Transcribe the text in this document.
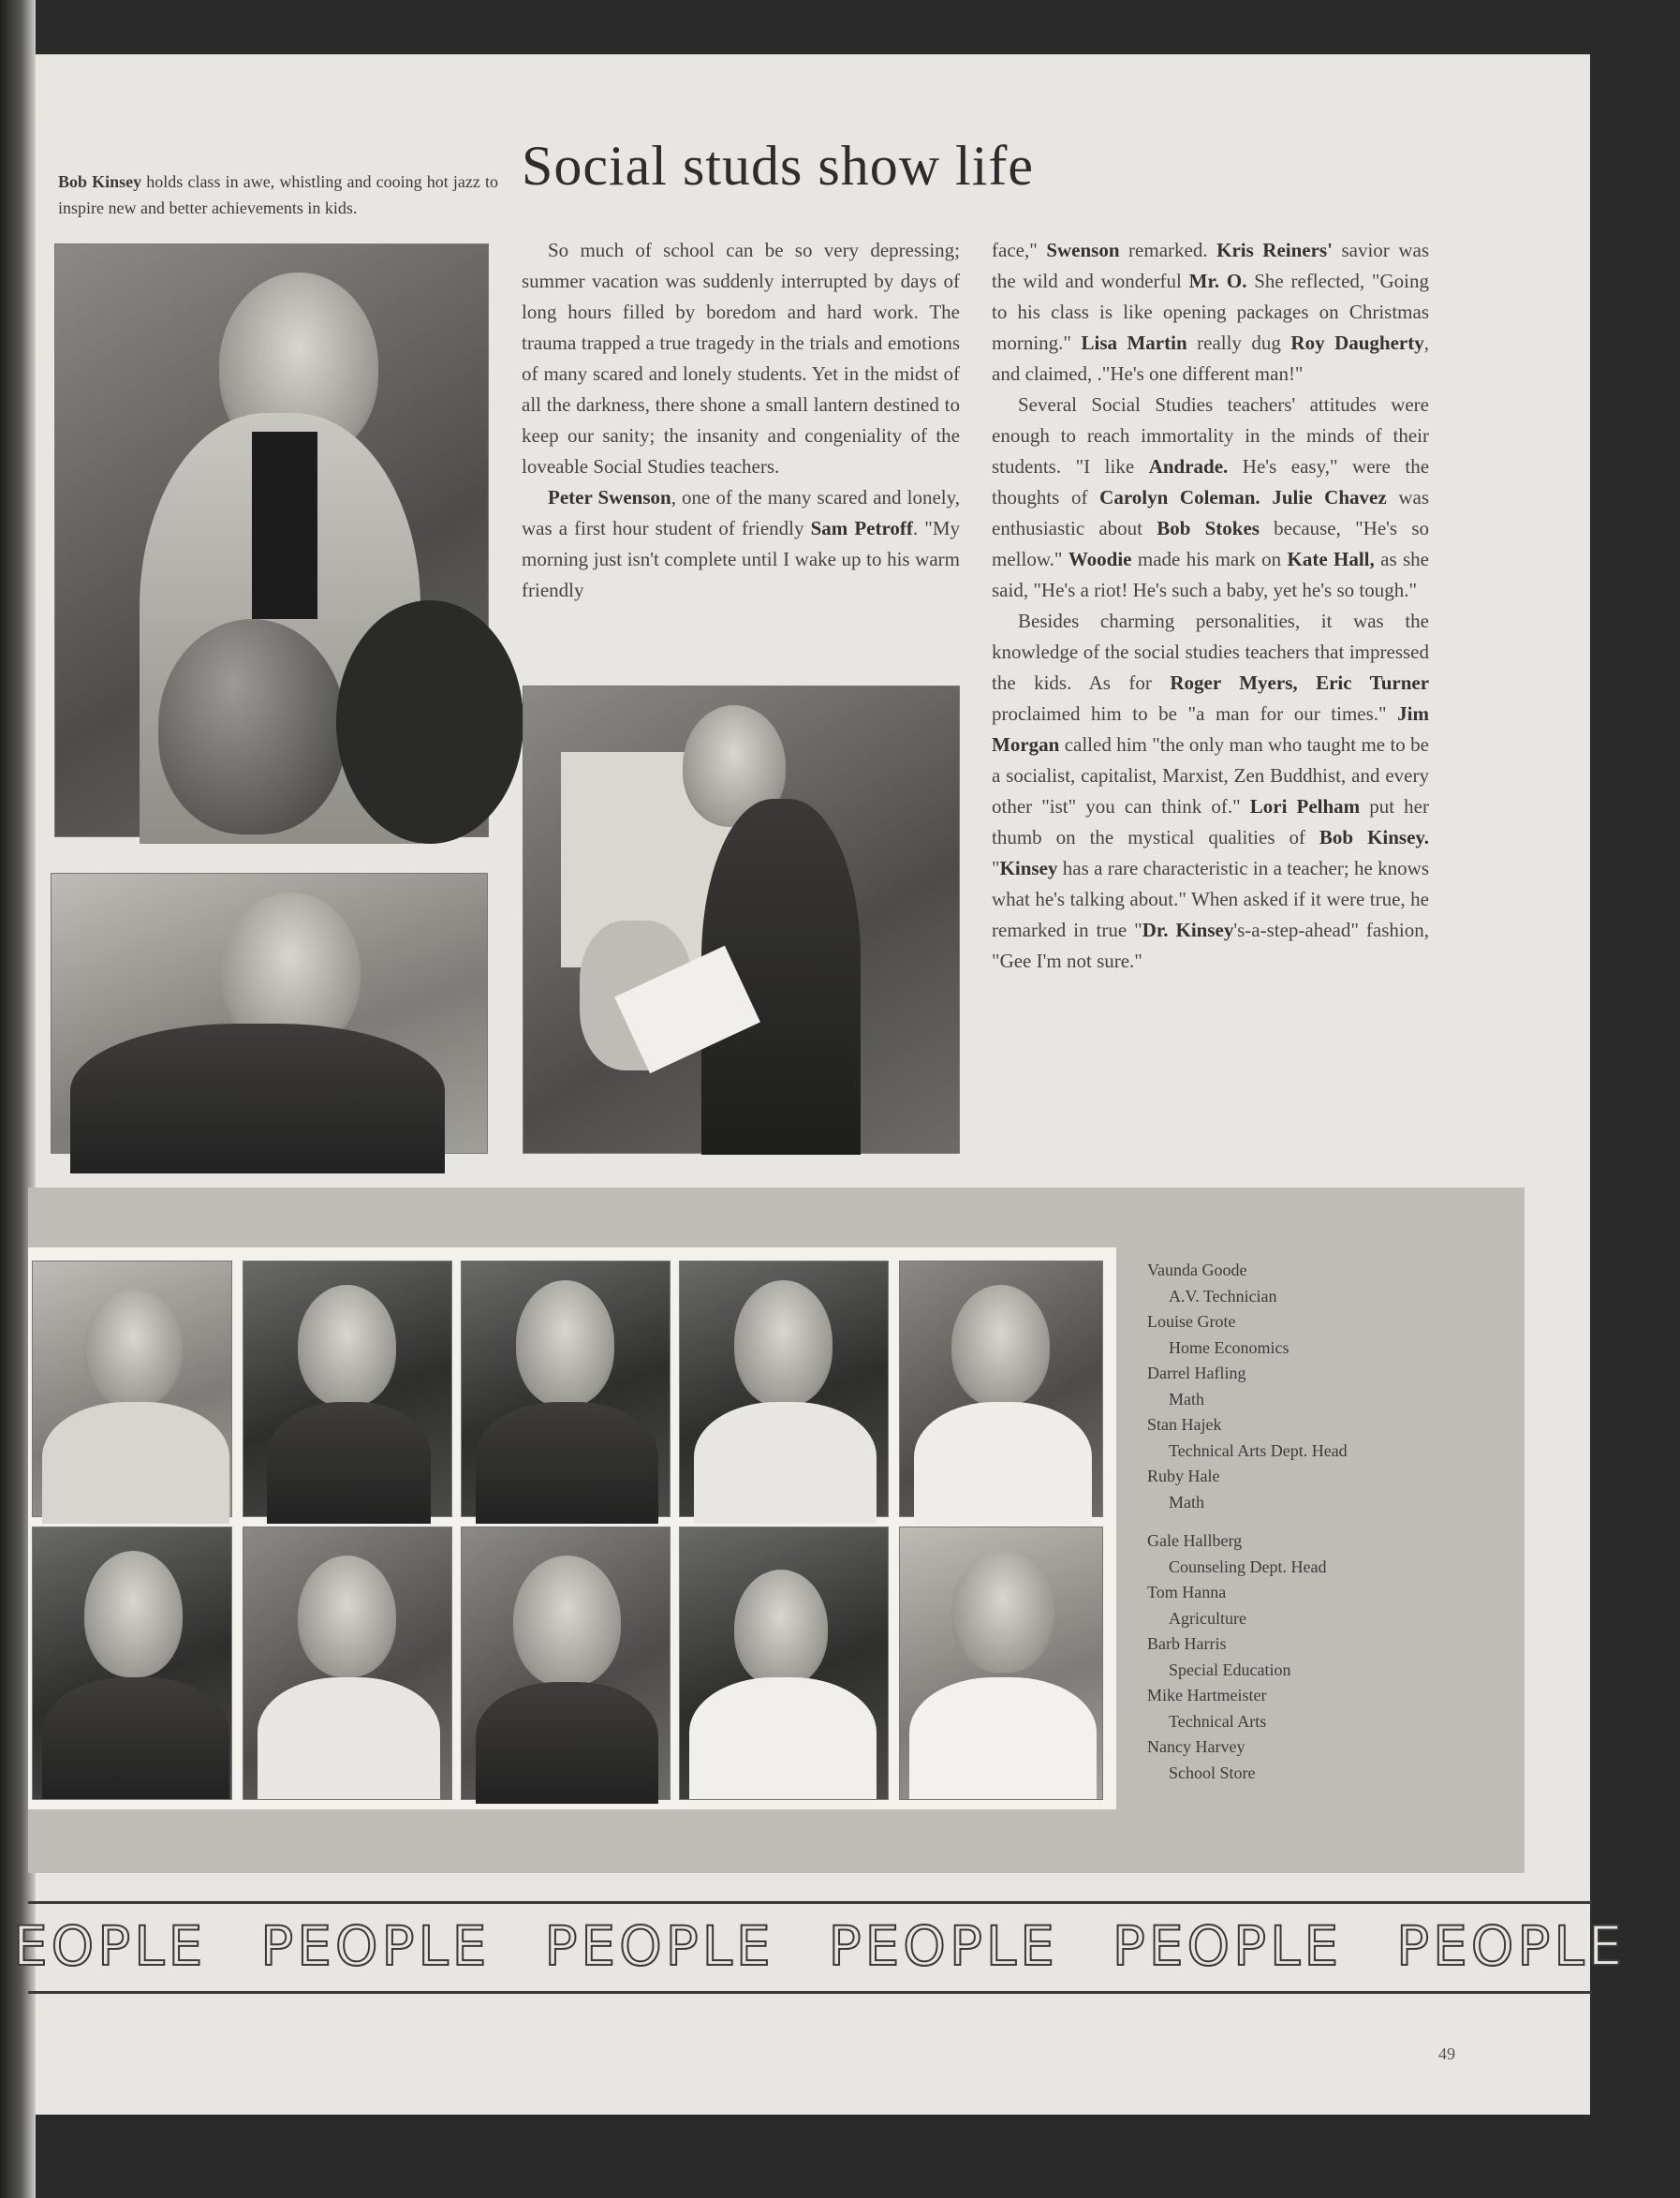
Bob Kinsey holds class in awe, whistling and cooing hot jazz to inspire new and better achievements in kids.
Social studs show life

So much of school can be so very depressing; summer vacation was suddenly interrupted by days of long hours filled by boredom and hard work. The trauma trapped a true tragedy in the trials and emotions of many scared and lonely students. Yet in the midst of all the darkness, there shone a small lantern destined to keep our sanity; the insanity and congeniality of the loveable Social Studies teachers.

Peter Swenson, one of the many scared and lonely, was a first hour student of friendly Sam Petroff. "My morning just isn't complete until I wake up to his warm friendly

face," Swenson remarked. Kris Reiners' savior was the wild and wonderful Mr. O. She reflected, "Going to his class is like opening packages on Christmas morning." Lisa Martin really dug Roy Daugherty, and claimed, ."He's one different man!"

Several Social Studies teachers' attitudes were enough to reach immortality in the minds of their students. "I like Andrade. He's easy," were the thoughts of Carolyn Coleman. Julie Chavez was enthusiastic about Bob Stokes because, "He's so mellow." Woodie made his mark on Kate Hall, as she said, "He's a riot! He's such a baby, yet he's so tough."

Besides charming personalities, it was the knowledge of the social studies teachers that impressed the kids. As for Roger Myers, Eric Turner proclaimed him to be "a man for our times." Jim Morgan called him "the only man who taught me to be a socialist, capitalist, Marxist, Zen Buddhist, and every other "ist" you can think of." Lori Pelham put her thumb on the mystical qualities of Bob Kinsey. "Kinsey has a rare characteristic in a teacher; he knows what he's talking about." When asked if it were true, he remarked in true "Dr. Kinsey's-a-step-ahead" fashion, "Gee I'm not sure."

Vaunda Goode
A.V. Technician
Louise Grote
Home Economics
Darrel Hafling
Math
Stan Hajek
Technical Arts Dept. Head
Ruby Hale
Math
Gale Hallberg
Counseling Dept. Head
Tom Hanna
Agriculture
Barb Harris
Special Education
Mike Hartmeister
Technical Arts
Nancy Harvey
School Store
EOPLE PEOPLE PEOPLE PEOPLE PEOPLE PEOPLE
49
